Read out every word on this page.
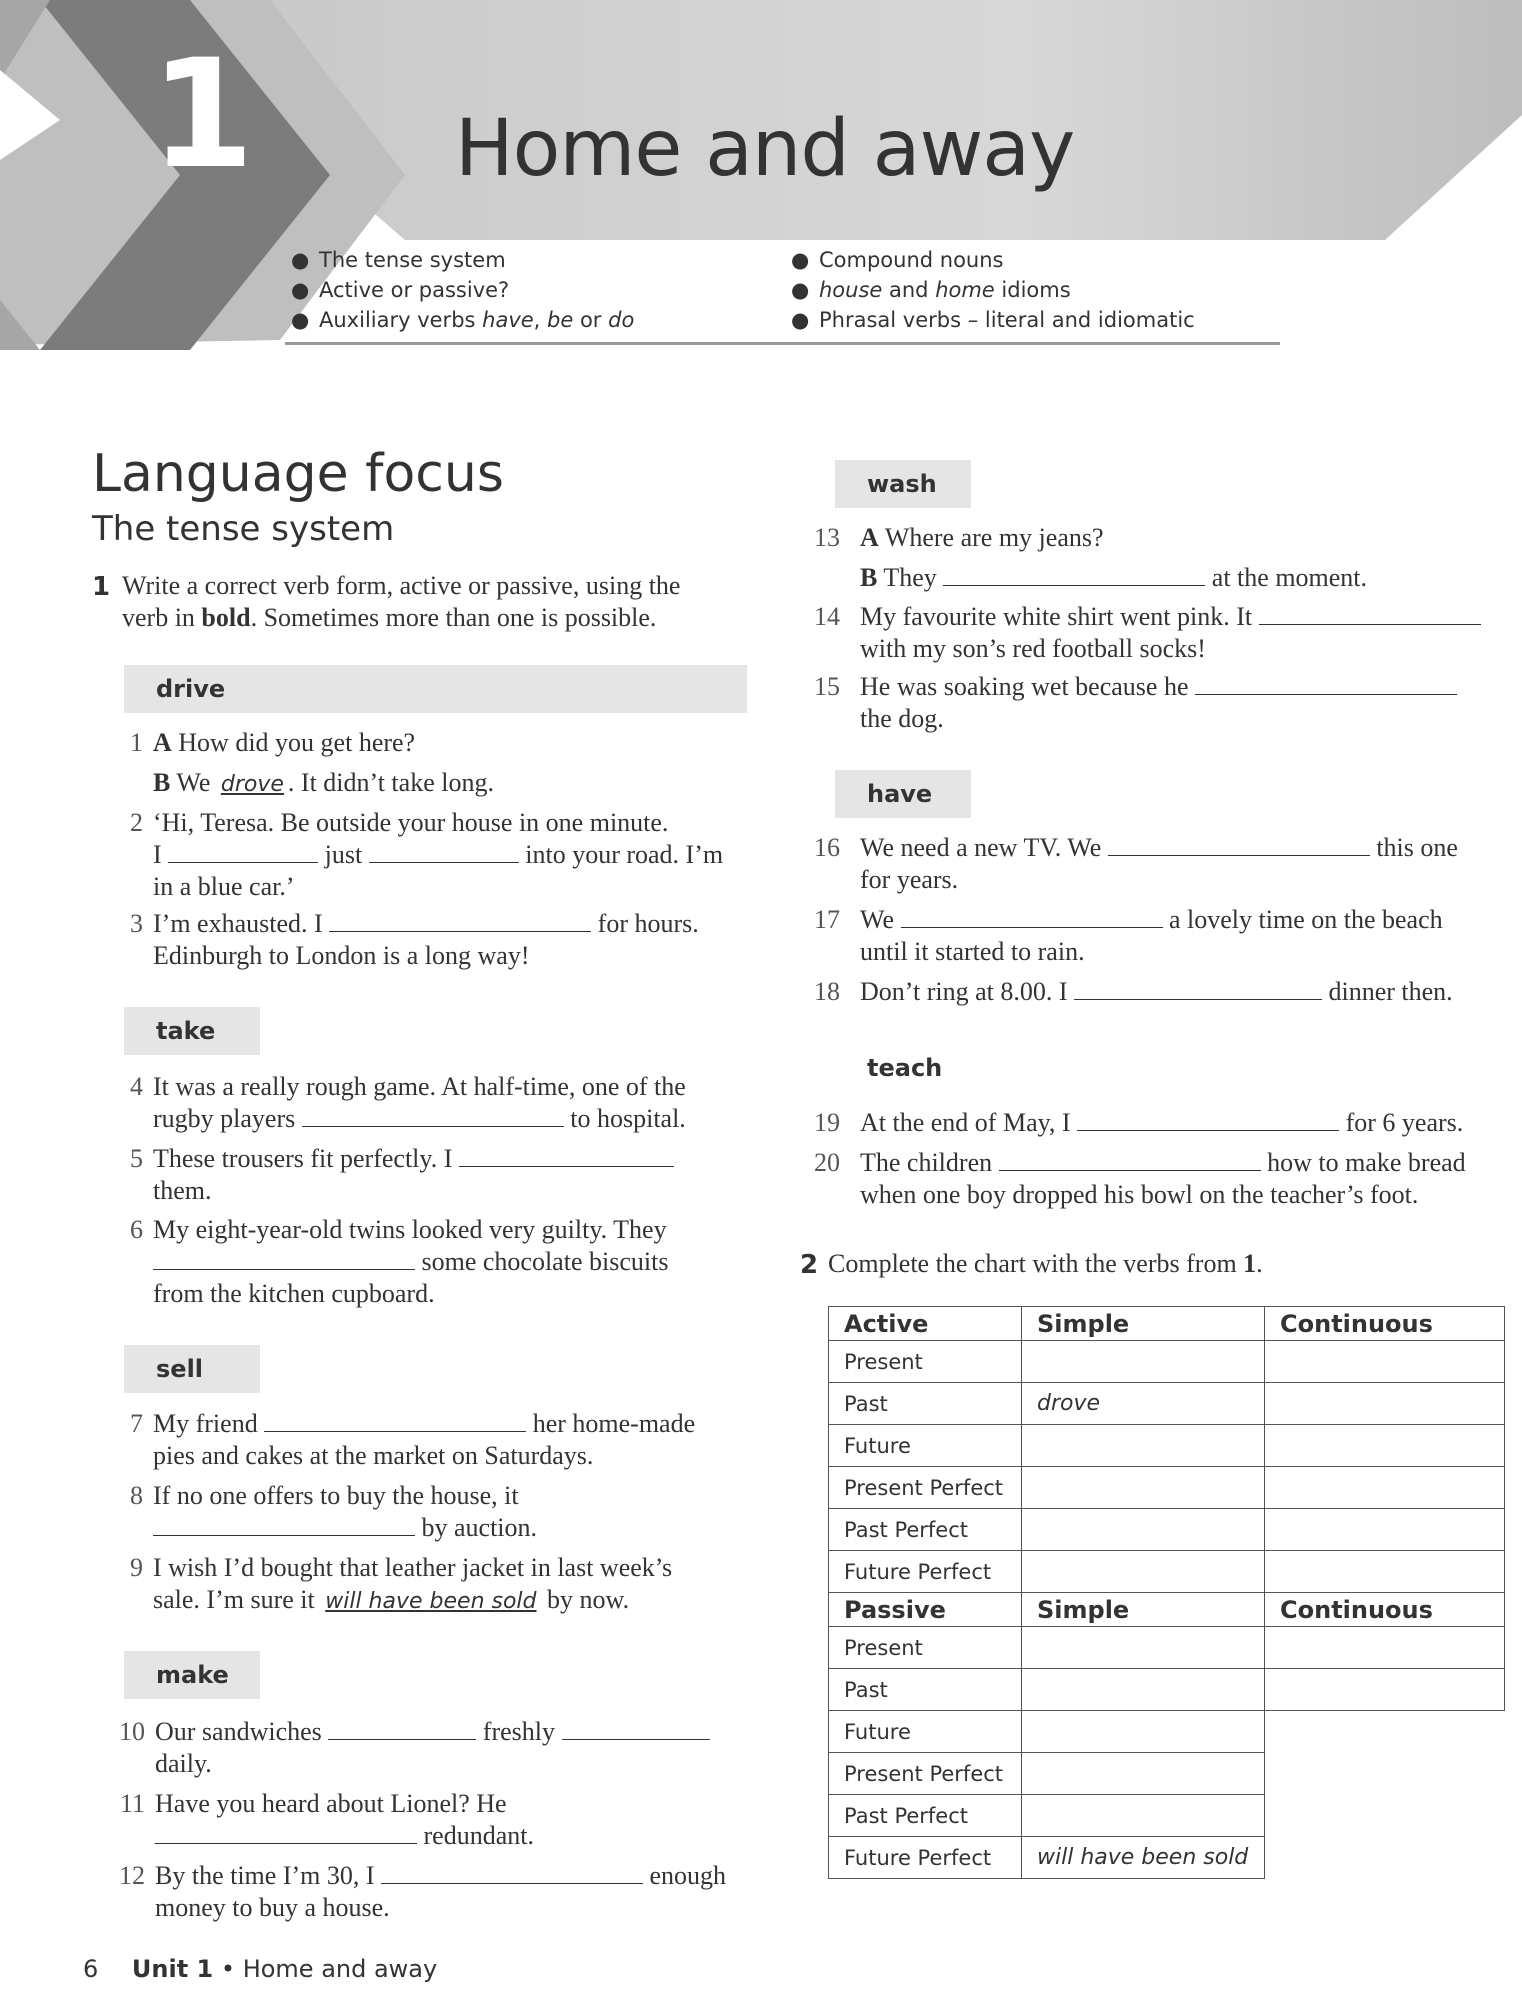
1	Home and away
● The tense system
● Active or passive?
● Auxiliary verbs have, be or do
● Compound nouns
● house and home idioms
● Phrasal verbs – literal and idiomatic
Language focus
The tense system
1 Write a correct verb form, active or passive, using the
verb in bold. Sometimes more than one is possible.
drive
1 A How did you get here?

B We drove . It didn’t take long.
2 ‘Hi, Teresa. Be outside your house in one minute.
I	just	into your road. I’m
in a blue car.’
3 I’m exhausted. I	for hours.
Edinburgh to London is a long way!
take
4 It was a really rough game. At half-time, one of the
rugby players	to hospital.
5 These trousers fit perfectly. I
them.
6 My eight-year-old twins looked very guilty. They
some chocolate biscuits
from the kitchen cupboard.
sell
7 My friend	her home-made
pies and cakes at the market on Saturdays.
8 If no one offers to buy the house, it
by auction.
9 I wish I’d bought that leather jacket in last week’s
sale. I’m sure it will have been sold by now.
make
10 Our sandwiches	freshly
daily.
11 Have you heard about Lionel? He
redundant.
12 By the time I’m 30, I	enough
money to buy a house.
wash
13 A Where are my jeans?

B They	at the moment.
14 My favourite white shirt went pink. It
with my son’s red football socks!
15 He was soaking wet because he
the dog.
have
16 We need a new TV. We	this one
for years.
17 We	a lovely time on the beach
until it started to rain.
18 Don’t ring at 8.00. I	dinner then.
teach
19 At the end of May, I	for 6 years.
20 The children	how to make bread
when one boy dropped his bowl on the teacher’s foot.
2 Complete the chart with the verbs from 1.
Active	Simple	Continuous
Present		
Past	drove	
Future		
Present Perfect		
Past Perfect		
Future Perfect		
Passive	Simple	Continuous
Present		
Past		
Future		
Present Perfect		
Past Perfect		
Future Perfect	will have been sold	
6 Unit 1 • Home and away
